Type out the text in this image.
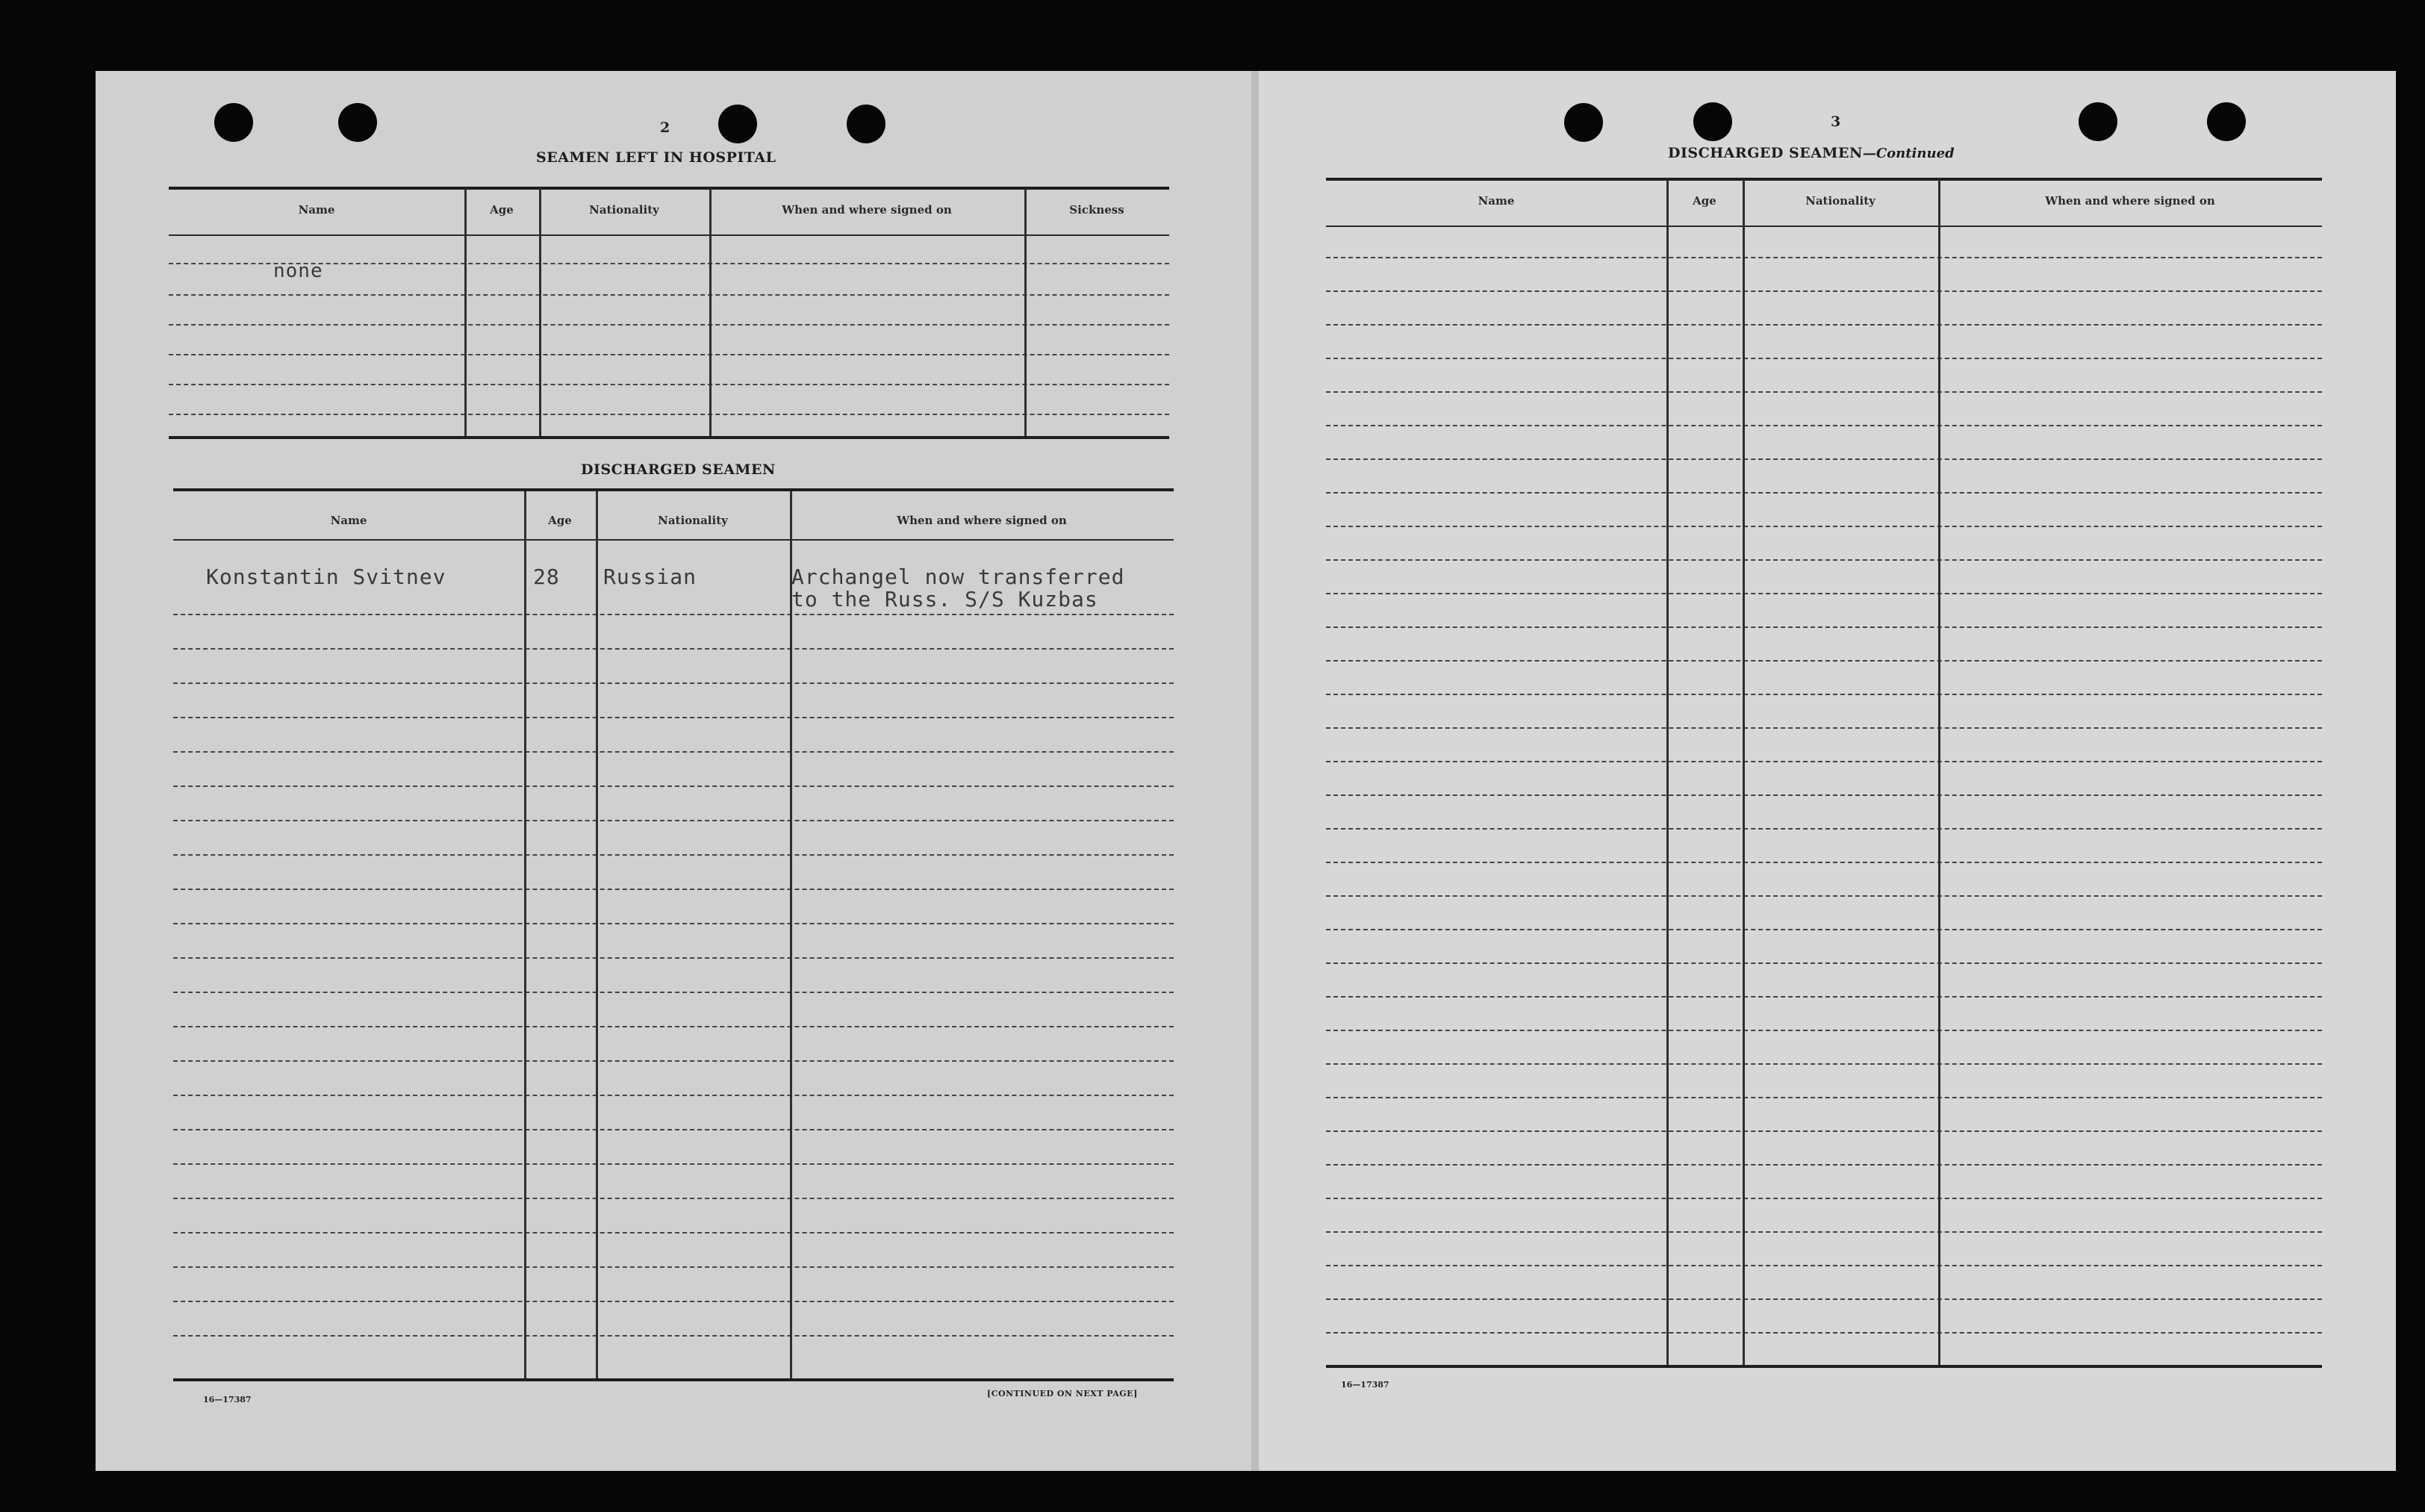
2
SEAMEN LEFT IN HOSPITAL
Name	Age	Nationality	When and where signed on	Sickness
none
DISCHARGED SEAMEN
Name	Age	Nationality	When and where signed on
Konstantin Svitnev	28 Russian	Archangel now transferred
to the Russ. S/S Kuzbas
16—17387
[CONTINUED ON NEXT PAGE]
3
DISCHARGED SEAMEN—Continued
Name	Age	Nationality	When and where signed on
16—17387
